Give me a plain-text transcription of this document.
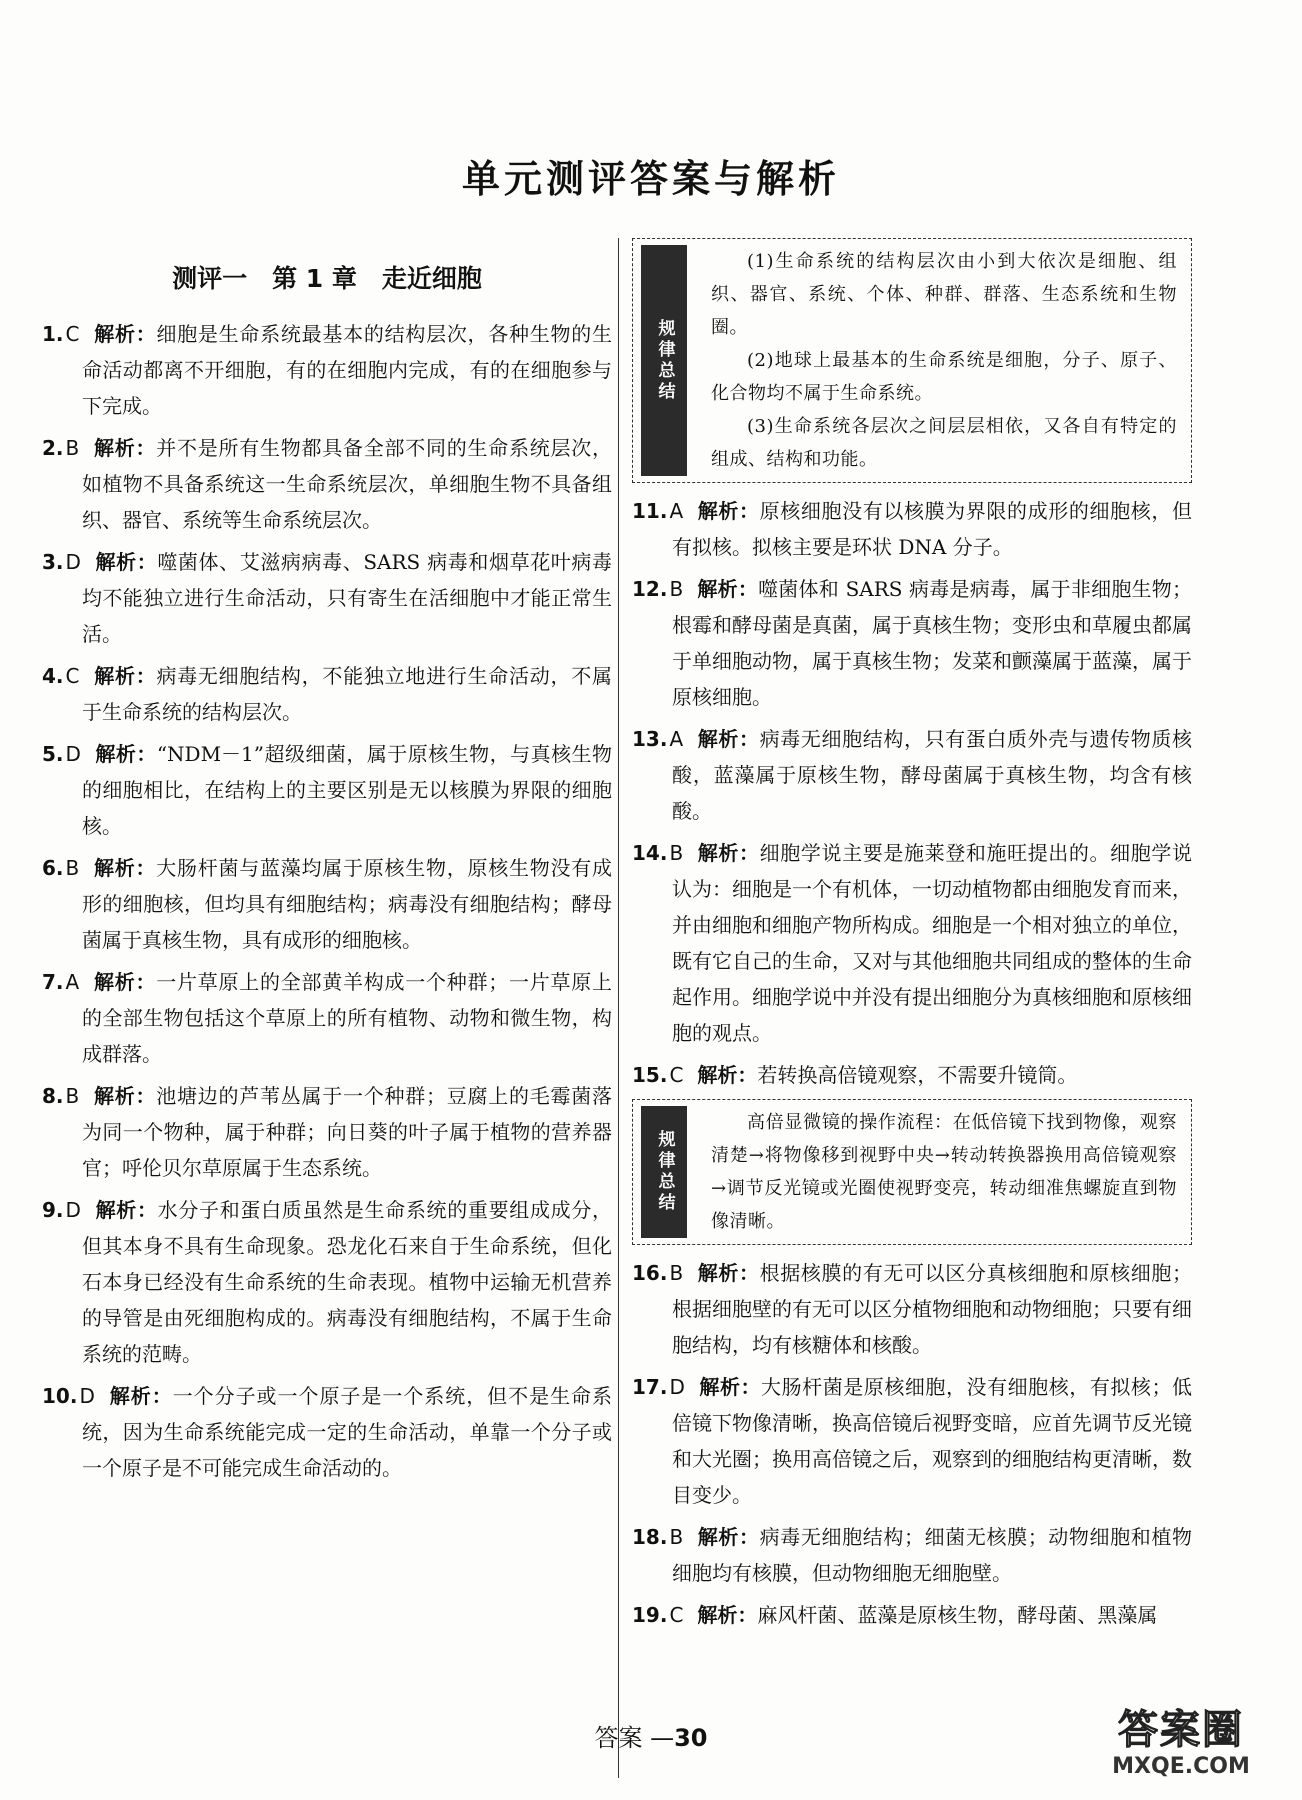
单元测评答案与解析
测评一　第 1 章　走近细胞

1. C 解析：细胞是生命系统最基本的结构层次，各种生物的生命活动都离不开细胞，有的在细胞内完成，有的在细胞参与下完成。

2. B 解析：并不是所有生物都具备全部不同的生命系统层次，如植物不具备系统这一生命系统层次，单细胞生物不具备组织、器官、系统等生命系统层次。

3. D 解析：噬菌体、艾滋病病毒、SARS 病毒和烟草花叶病毒均不能独立进行生命活动，只有寄生在活细胞中才能正常生活。

4. C 解析：病毒无细胞结构，不能独立地进行生命活动，不属于生命系统的结构层次。

5. D 解析：“NDM－1”超级细菌，属于原核生物，与真核生物的细胞相比，在结构上的主要区别是无以核膜为界限的细胞核。

6. B 解析：大肠杆菌与蓝藻均属于原核生物，原核生物没有成形的细胞核，但均具有细胞结构；病毒没有细胞结构；酵母菌属于真核生物，具有成形的细胞核。

7. A 解析：一片草原上的全部黄羊构成一个种群；一片草原上的全部生物包括这个草原上的所有植物、动物和微生物，构成群落。

8. B 解析：池塘边的芦苇丛属于一个种群；豆腐上的毛霉菌落为同一个物种，属于种群；向日葵的叶子属于植物的营养器官；呼伦贝尔草原属于生态系统。

9. D 解析：水分子和蛋白质虽然是生命系统的重要组成成分，但其本身不具有生命现象。恐龙化石来自于生命系统，但化石本身已经没有生命系统的生命表现。植物中运输无机营养的导管是由死细胞构成的。病毒没有细胞结构，不属于生命系统的范畴。

10. D 解析：一个分子或一个原子是一个系统，但不是生命系统，因为生命系统能完成一定的生命活动，单靠一个分子或一个原子是不可能完成生命活动的。

规律总结

(1)生命系统的结构层次由小到大依次是细胞、组织、器官、系统、个体、种群、群落、生态系统和生物圈。

(2)地球上最基本的生命系统是细胞，分子、原子、化合物均不属于生命系统。

(3)生命系统各层次之间层层相依，又各自有特定的组成、结构和功能。

11. A 解析：原核细胞没有以核膜为界限的成形的细胞核，但有拟核。拟核主要是环状 DNA 分子。

12. B 解析：噬菌体和 SARS 病毒是病毒，属于非细胞生物；根霉和酵母菌是真菌，属于真核生物；变形虫和草履虫都属于单细胞动物，属于真核生物；发菜和颤藻属于蓝藻，属于原核细胞。

13. A 解析：病毒无细胞结构，只有蛋白质外壳与遗传物质核酸，蓝藻属于原核生物，酵母菌属于真核生物，均含有核酸。

14. B 解析：细胞学说主要是施莱登和施旺提出的。细胞学说认为：细胞是一个有机体，一切动植物都由细胞发育而来，并由细胞和细胞产物所构成。细胞是一个相对独立的单位，既有它自己的生命，又对与其他细胞共同组成的整体的生命起作用。细胞学说中并没有提出细胞分为真核细胞和原核细胞的观点。

15. C 解析：若转换高倍镜观察，不需要升镜筒。

规律总结

高倍显微镜的操作流程：在低倍镜下找到物像，观察清楚→将物像移到视野中央→转动转换器换用高倍镜观察→调节反光镜或光圈使视野变亮，转动细准焦螺旋直到物像清晰。

16. B 解析：根据核膜的有无可以区分真核细胞和原核细胞；根据细胞壁的有无可以区分植物细胞和动物细胞；只要有细胞结构，均有核糖体和核酸。

17. D 解析：大肠杆菌是原核细胞，没有细胞核，有拟核；低倍镜下物像清晰，换高倍镜后视野变暗，应首先调节反光镜和大光圈；换用高倍镜之后，观察到的细胞结构更清晰，数目变少。

18. B 解析：病毒无细胞结构；细菌无核膜；动物细胞和植物细胞均有核膜，但动物细胞无细胞壁。

19. C 解析：麻风杆菌、蓝藻是原核生物，酵母菌、黑藻属

答案 —30	答案圈
MXQE.COM
